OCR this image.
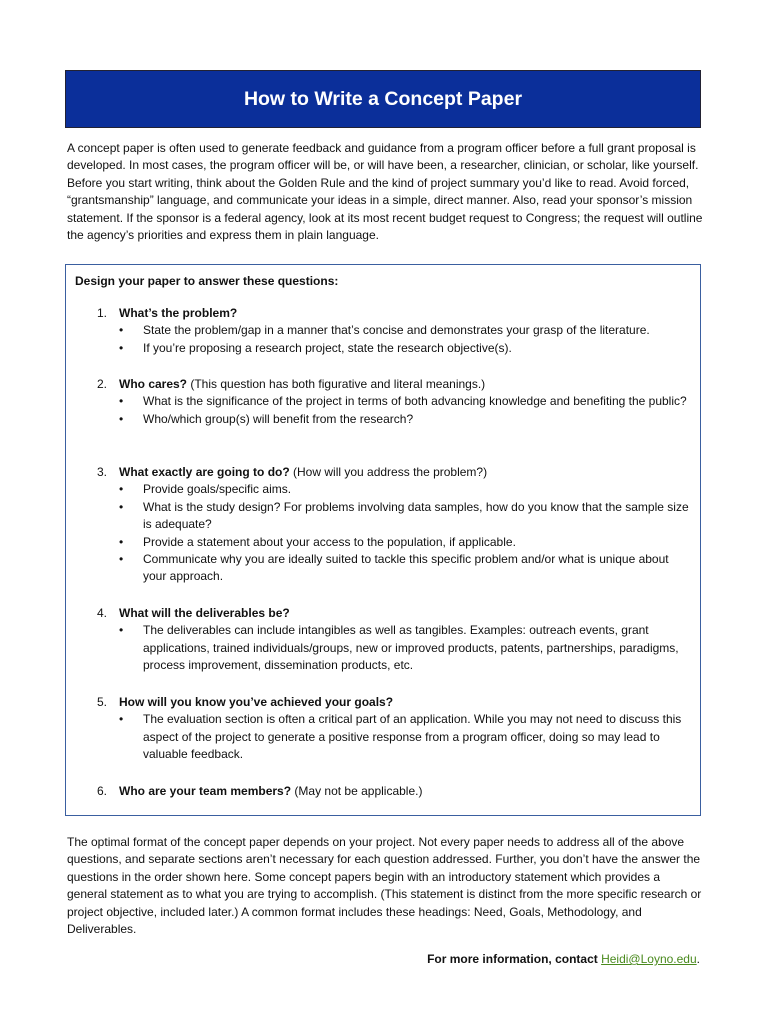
How to Write a Concept Paper

A concept paper is often used to generate feedback and guidance from a program officer before a full grant proposal is developed. In most cases, the program officer will be, or will have been, a researcher, clinician, or scholar, like yourself. Before you start writing, think about the Golden Rule and the kind of project summary you’d like to read. Avoid forced, “grantsmanship” language, and communicate your ideas in a simple, direct manner. Also, read your sponsor’s mission statement. If the sponsor is a federal agency, look at its most recent budget request to Congress; the request will outline the agency’s priorities and express them in plain language.

Design your paper to answer these questions:

1. What’s the problem?
• State the problem/gap in a manner that’s concise and demonstrates your grasp of the literature.
• If you’re proposing a research project, state the research objective(s).
2. Who cares? (This question has both figurative and literal meanings.)
• What is the significance of the project in terms of both advancing knowledge and benefiting the public?
• Who/which group(s) will benefit from the research?
3. What exactly are going to do? (How will you address the problem?)
• Provide goals/specific aims.
• What is the study design? For problems involving data samples, how do you know that the sample size is adequate?
• Provide a statement about your access to the population, if applicable.
• Communicate why you are ideally suited to tackle this specific problem and/or what is unique about your approach.
4. What will the deliverables be?
• The deliverables can include intangibles as well as tangibles. Examples: outreach events, grant applications, trained individuals/groups, new or improved products, patents, partnerships, paradigms, process improvement, dissemination products, etc.
5. How will you know you’ve achieved your goals?
• The evaluation section is often a critical part of an application. While you may not need to discuss this aspect of the project to generate a positive response from a program officer, doing so may lead to valuable feedback.
6. Who are your team members? (May not be applicable.)

The optimal format of the concept paper depends on your project. Not every paper needs to address all of the above questions, and separate sections aren’t necessary for each question addressed. Further, you don’t have the answer the questions in the order shown here. Some concept papers begin with an introductory statement which provides a general statement as to what you are trying to accomplish. (This statement is distinct from the more specific research or project objective, included later.) A common format includes these headings: Need, Goals, Methodology, and Deliverables.

For more information, contact Heidi@Loyno.edu.
